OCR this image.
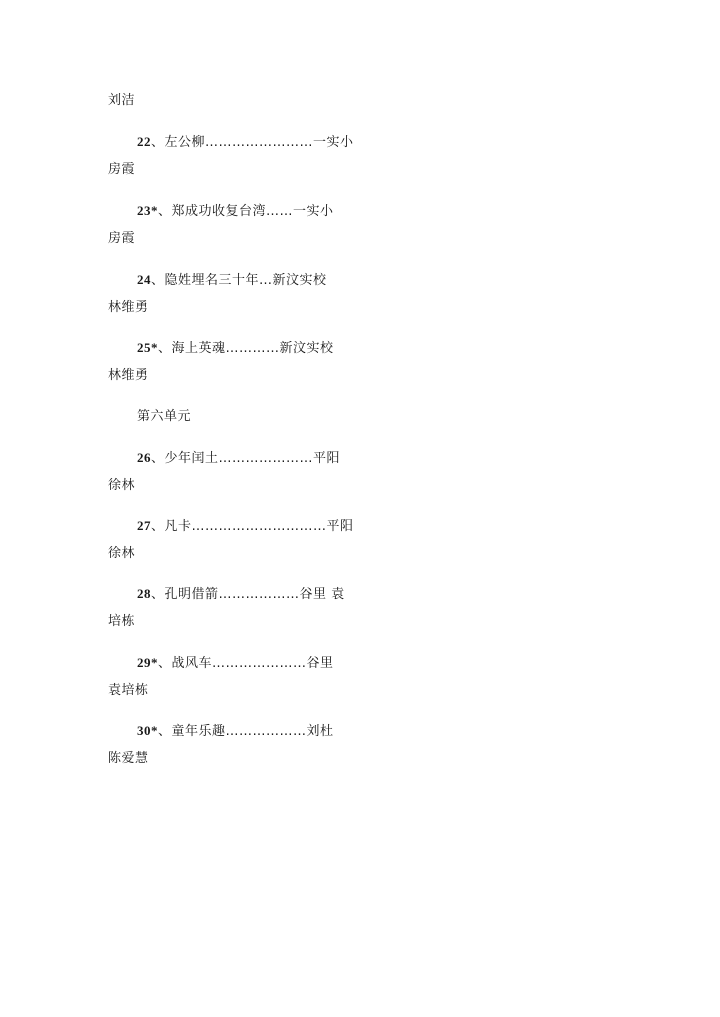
刘洁
22、左公柳……………………一实小
房霞
23*、郑成功收复台湾……一实小
房霞
24、隐姓埋名三十年…新汶实校
林维勇
25*、海上英魂…………新汶实校
林维勇
第六单元
26、少年闰土…………………平阳
徐林
27、凡卡…………………………平阳
徐林
28、孔明借箭………………谷里 袁
培栋
29*、战风车…………………谷里
袁培栋
30*、童年乐趣………………刘杜
陈爱慧
